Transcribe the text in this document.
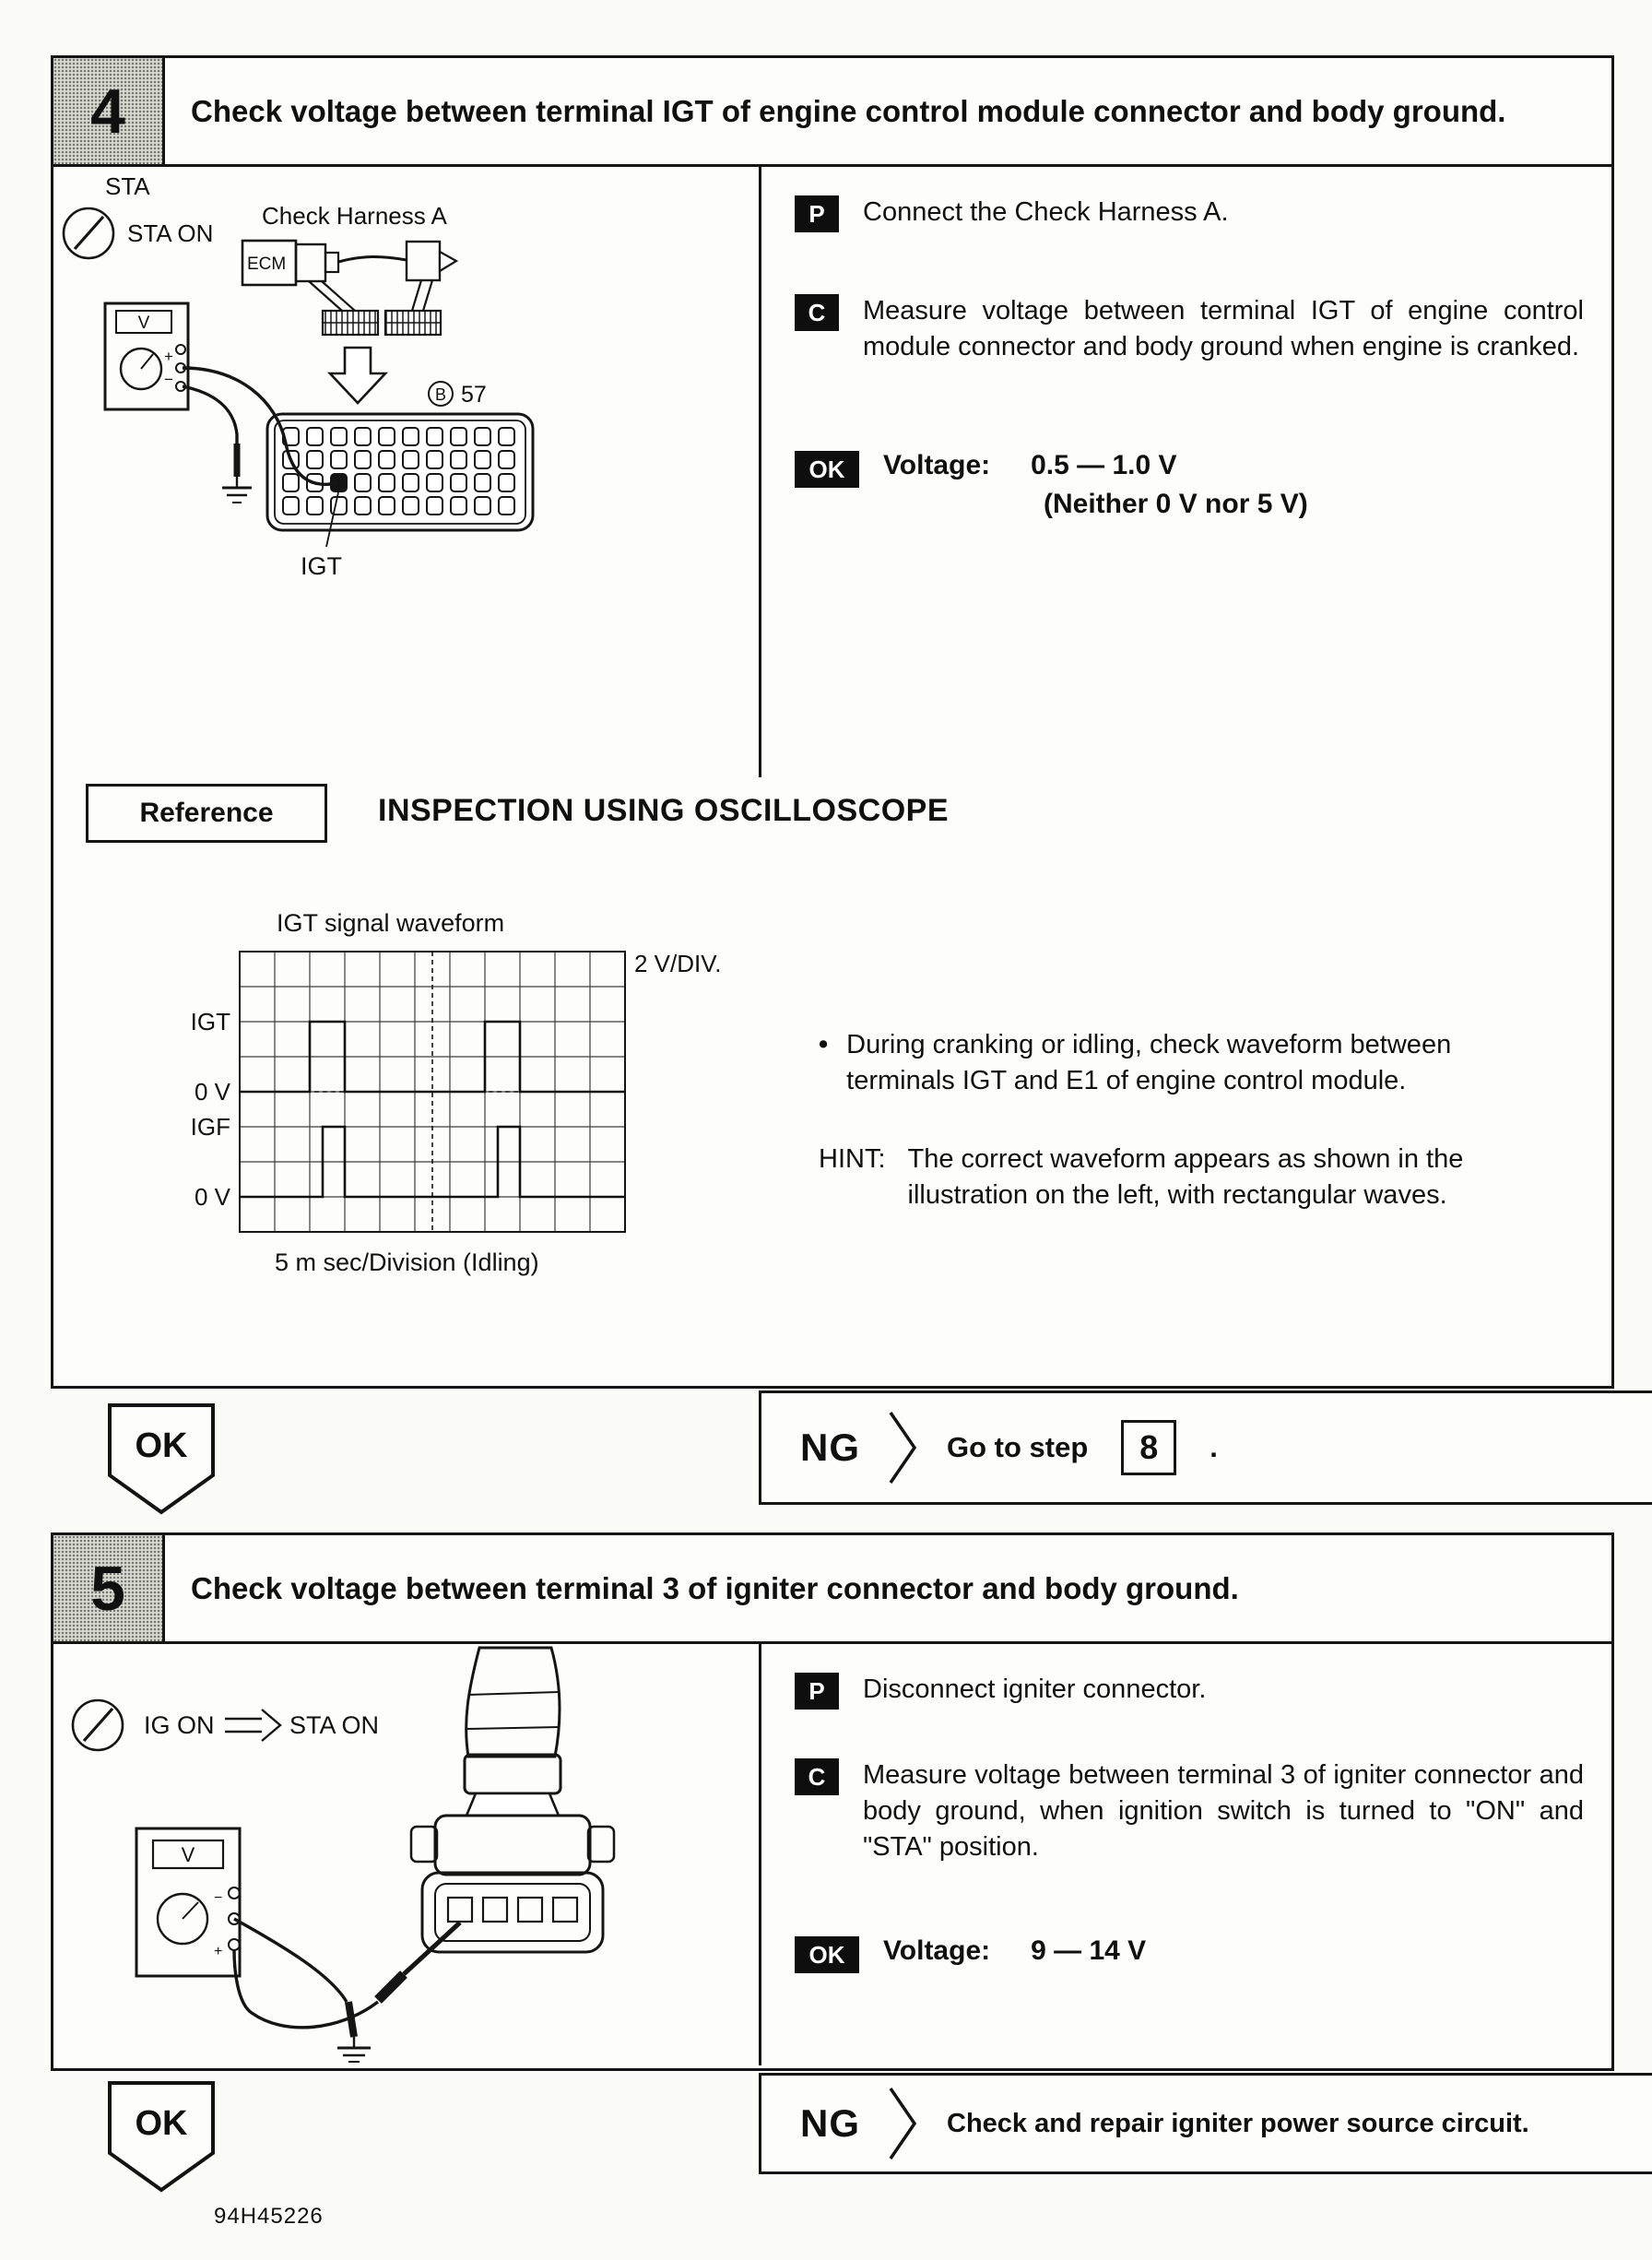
4	Check voltage between terminal IGT of engine control module connector and body ground.
STA
STA ON
Check Harness A
ECM
B 57
IGT
V
+
−
P	Connect the Check Harness A.

C	Measure voltage between terminal IGT of engine control module connector and body ground when engine is cranked.

OK	Voltage: 0.5 — 1.0 V

(Neither 0 V nor 5 V)

Reference	INSPECTION USING OSCILLOSCOPE
IGT signal waveform
2 V/DIV.
IGT
0 V
IGF
0 V
5 m sec/Division (Idling)
• During cranking or idling, check waveform between terminals IGT and E1 of engine control module.

HINT: The correct waveform appears as shown in the illustration on the left, with rectangular waves.

OK	NG	Go to step	8	.
5	Check voltage between terminal 3 of igniter connector and body ground.
IG ON	STA ON
V
−
+
P	Disconnect igniter connector.

C	Measure voltage between terminal 3 of igniter connector and body ground, when ignition switch is turned to "ON" and "STA" position.

OK	Voltage: 9 — 14 V

OK	NG	Check and repair igniter power source circuit.
94H45226
